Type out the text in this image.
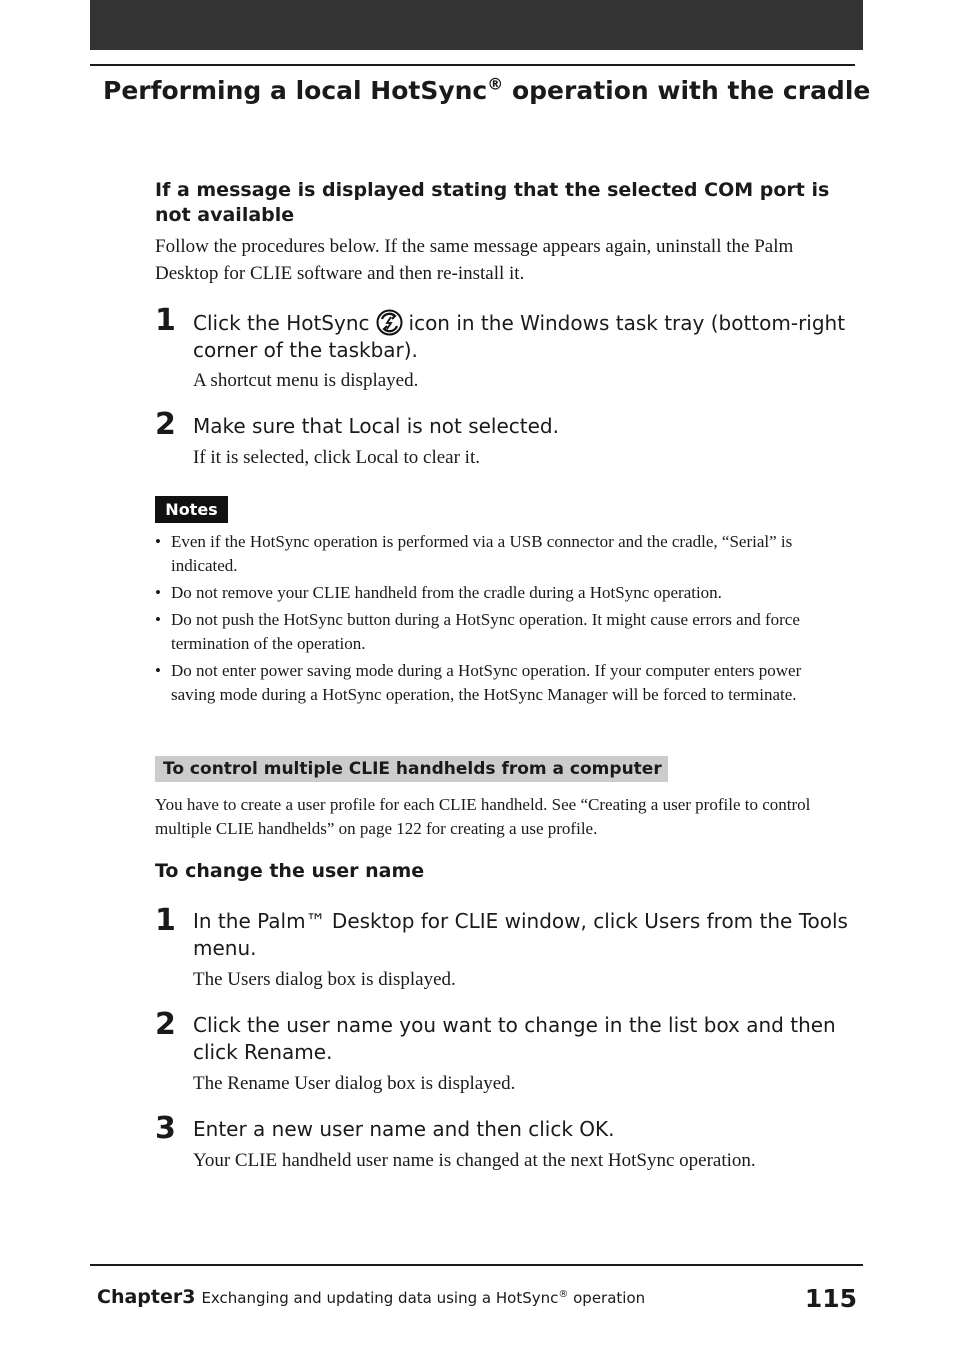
Performing a local HotSync® operation with the cradle
If a message is displayed stating that the selected COM port is not available
Follow the procedures below. If the same message appears again, uninstall the Palm Desktop for CLIE software and then re-install it.
1 Click the HotSync icon in the Windows task tray (bottom-right corner of the taskbar).
A shortcut menu is displayed.
2 Make sure that Local is not selected.
If it is selected, click Local to clear it.
Notes
• Even if the HotSync operation is performed via a USB connector and the cradle, “Serial” is indicated.
• Do not remove your CLIE handheld from the cradle during a HotSync operation.
• Do not push the HotSync button during a HotSync operation. It might cause errors and force termination of the operation.
• Do not enter power saving mode during a HotSync operation. If your computer enters power saving mode during a HotSync operation, the HotSync Manager will be forced to terminate.
To control multiple CLIE handhelds from a computer
You have to create a user profile for each CLIE handheld. See “Creating a user profile to control multiple CLIE handhelds” on page 122 for creating a use profile.
To change the user name
1 In the Palm™ Desktop for CLIE window, click Users from the Tools menu.
The Users dialog box is displayed.
2 Click the user name you want to change in the list box and then click Rename.
The Rename User dialog box is displayed.
3 Enter a new user name and then click OK.
Your CLIE handheld user name is changed at the next HotSync operation.
Chapter3 Exchanging and updating data using a HotSync® operation	115
